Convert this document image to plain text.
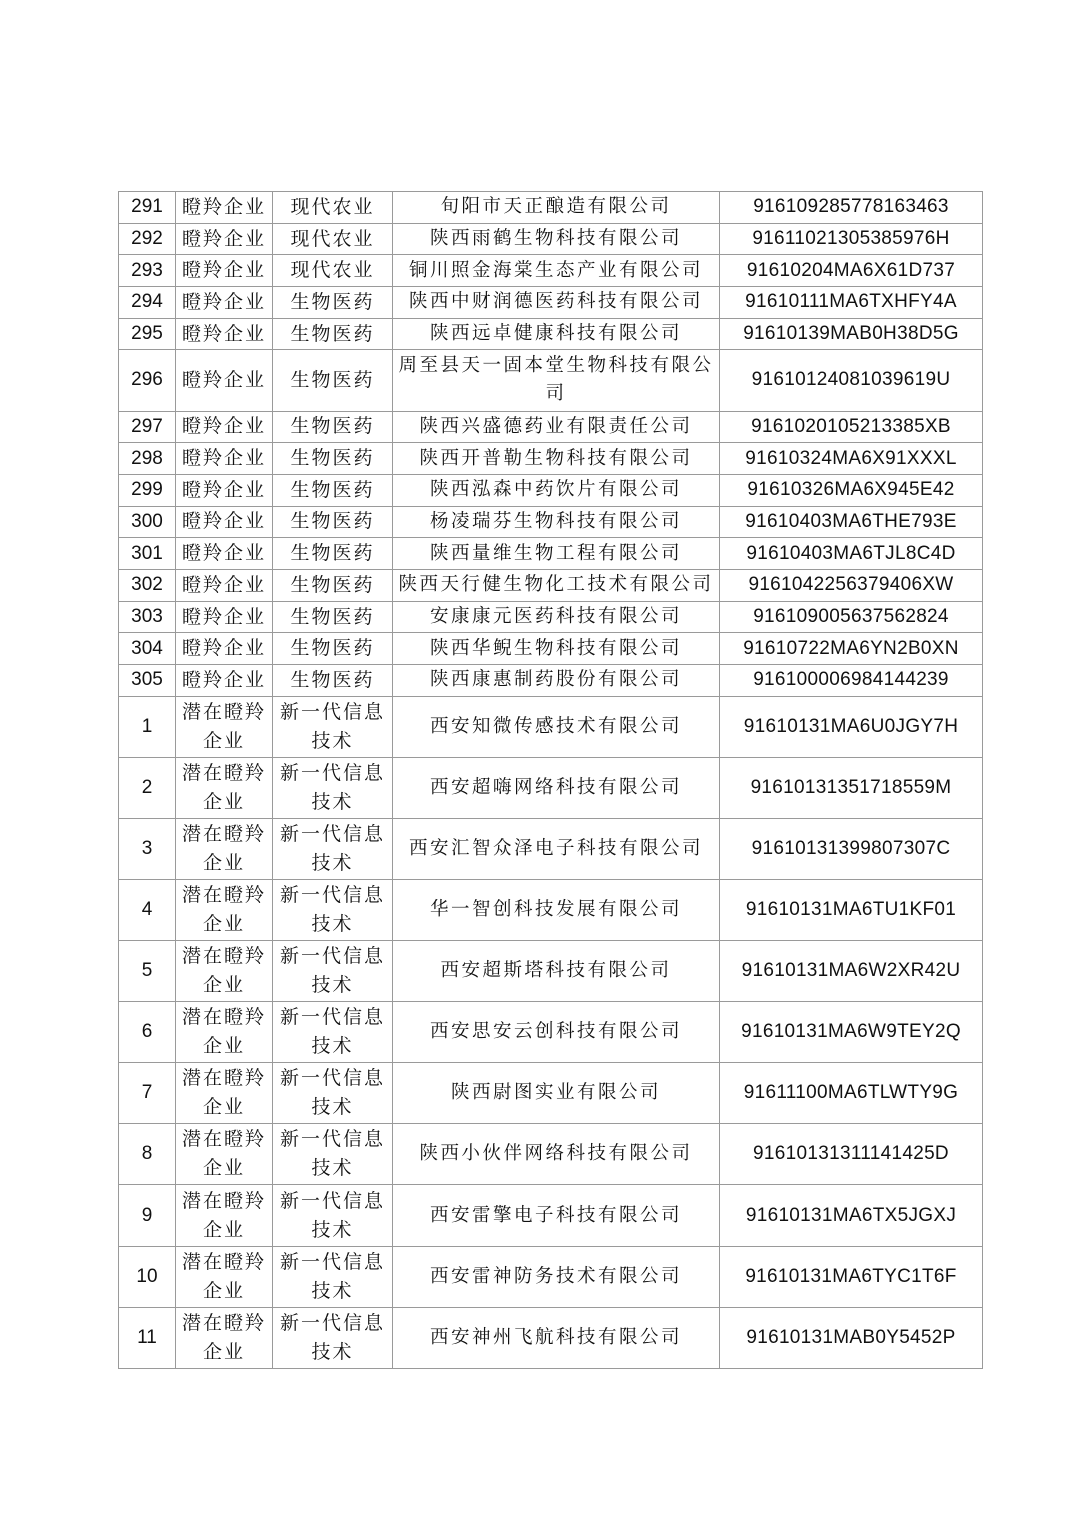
291	瞪羚企业	现代农业	旬阳市天正酿造有限公司	916109285778163463
292	瞪羚企业	现代农业	陕西雨鹤生物科技有限公司	91611021305385976H
293	瞪羚企业	现代农业	铜川照金海棠生态产业有限公司	91610204MA6X61D737
294	瞪羚企业	生物医药	陕西中财润德医药科技有限公司	91610111MA6TXHFY4A
295	瞪羚企业	生物医药	陕西远卓健康科技有限公司	91610139MAB0H38D5G
296	瞪羚企业	生物医药	周至县天一固本堂生物科技有限公司	91610124081039619U
297	瞪羚企业	生物医药	陕西兴盛德药业有限责任公司	9161020105213385XB
298	瞪羚企业	生物医药	陕西开普勒生物科技有限公司	91610324MA6X91XXXL
299	瞪羚企业	生物医药	陕西泓森中药饮片有限公司	91610326MA6X945E42
300	瞪羚企业	生物医药	杨凌瑞芬生物科技有限公司	91610403MA6THE793E
301	瞪羚企业	生物医药	陕西量维生物工程有限公司	91610403MA6TJL8C4D
302	瞪羚企业	生物医药	陕西天行健生物化工技术有限公司	9161042256379406XW
303	瞪羚企业	生物医药	安康康元医药科技有限公司	916109005637562824
304	瞪羚企业	生物医药	陕西华鲵生物科技有限公司	91610722MA6YN2B0XN
305	瞪羚企业	生物医药	陕西康惠制药股份有限公司	916100006984144239
1	潜在瞪羚企业	新一代信息技术	西安知微传感技术有限公司	91610131MA6U0JGY7H
2	潜在瞪羚企业	新一代信息技术	西安超嗨网络科技有限公司	91610131351718559M
3	潜在瞪羚企业	新一代信息技术	西安汇智众泽电子科技有限公司	91610131399807307C
4	潜在瞪羚企业	新一代信息技术	华一智创科技发展有限公司	91610131MA6TU1KF01
5	潜在瞪羚企业	新一代信息技术	西安超斯塔科技有限公司	91610131MA6W2XR42U
6	潜在瞪羚企业	新一代信息技术	西安思安云创科技有限公司	91610131MA6W9TEY2Q
7	潜在瞪羚企业	新一代信息技术	陕西尉图实业有限公司	91611100MA6TLWTY9G
8	潜在瞪羚企业	新一代信息技术	陕西小伙伴网络科技有限公司	91610131311141425D
9	潜在瞪羚企业	新一代信息技术	西安雷擎电子科技有限公司	91610131MA6TX5JGXJ
10	潜在瞪羚企业	新一代信息技术	西安雷神防务技术有限公司	91610131MA6TYC1T6F
11	潜在瞪羚企业	新一代信息技术	西安神州飞航科技有限公司	91610131MAB0Y5452P
